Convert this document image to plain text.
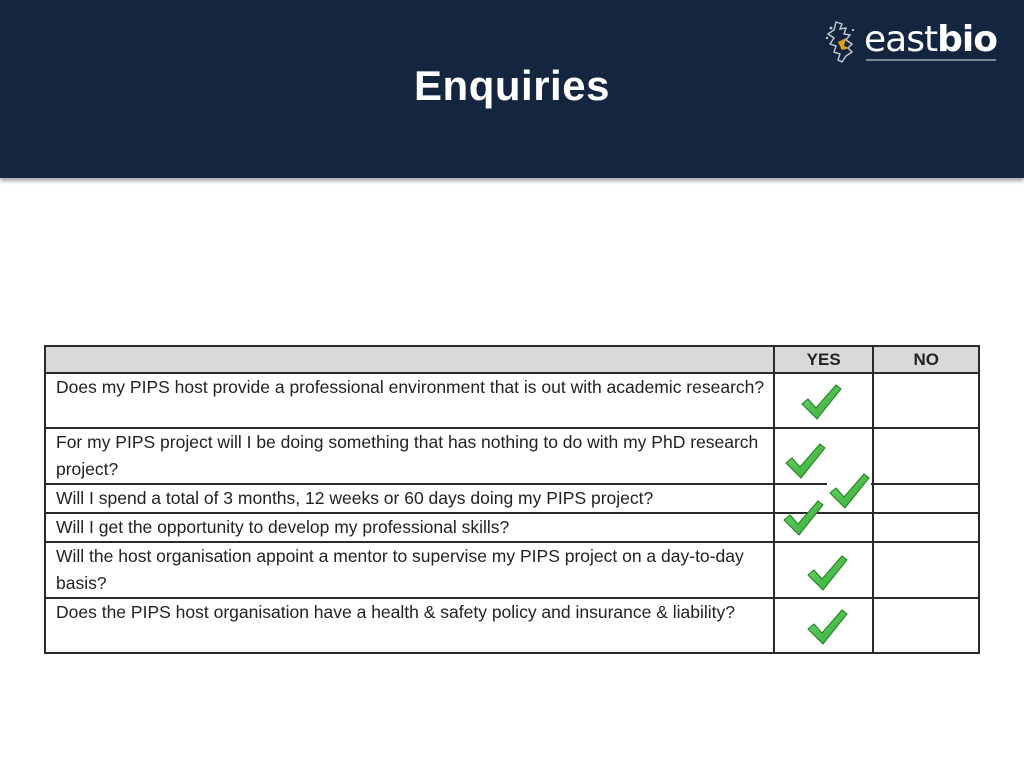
Enquiries
eastbio
	YES	NO
Does my PIPS host provide a professional environment that is out with academic research?	

For my PIPS project will I be doing something that has nothing to do with my PhD research project?	

Will I spend a total of 3 months, 12 weeks or 60 days doing my PIPS project?	

Will I get the opportunity to develop my professional skills?	

Will the host organisation appoint a mentor to supervise my PIPS project on a day-to-day basis?	

Does the PIPS host organisation have a health & safety policy and insurance & liability?	
